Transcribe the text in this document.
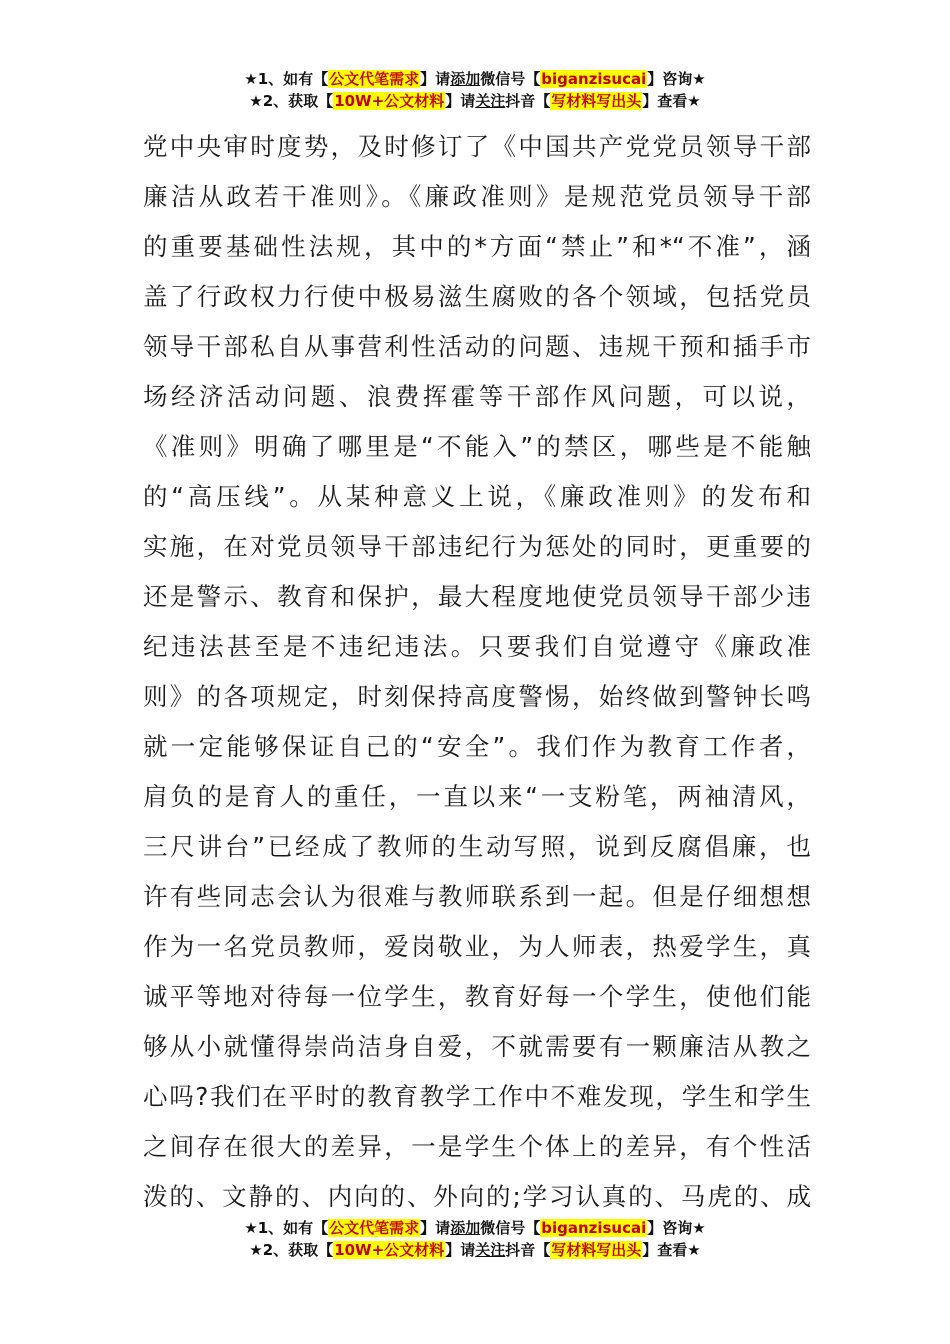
★1、如有【公文代笔需求】请添加微信号【biganzisucai】咨询★
★2、获取【10W+公文材料】请关注抖音【写材料写出头】查看★
党中央审时度势，及时修订了《中国共产党党员领导干部
廉洁从政若干准则》。《廉政准则》是规范党员领导干部
的重要基础性法规，其中的*方面“禁止”和*“不准”，涵
盖了行政权力行使中极易滋生腐败的各个领域，包括党员
领导干部私自从事营利性活动的问题、违规干预和插手市
场经济活动问题、浪费挥霍等干部作风问题，可以说，
《准则》明确了哪里是“不能入”的禁区，哪些是不能触
的“高压线”。从某种意义上说，《廉政准则》的发布和
实施，在对党员领导干部违纪行为惩处的同时，更重要的
还是警示、教育和保护，最大程度地使党员领导干部少违
纪违法甚至是不违纪违法。只要我们自觉遵守《廉政准
则》的各项规定，时刻保持高度警惕，始终做到警钟长鸣
就一定能够保证自己的“安全”。我们作为教育工作者，
肩负的是育人的重任，一直以来“一支粉笔，两袖清风，
三尺讲台”已经成了教师的生动写照，说到反腐倡廉，也
许有些同志会认为很难与教师联系到一起。但是仔细想想
作为一名党员教师，爱岗敬业，为人师表，热爱学生，真
诚平等地对待每一位学生，教育好每一个学生，使他们能
够从小就懂得崇尚洁身自爱，不就需要有一颗廉洁从教之
心吗?我们在平时的教育教学工作中不难发现，学生和学生
之间存在很大的差异，一是学生个体上的差异，有个性活
泼的、文静的、内向的、外向的;学习认真的、马虎的、成
★1、如有【公文代笔需求】请添加微信号【biganzisucai】咨询★
★2、获取【10W+公文材料】请关注抖音【写材料写出头】查看★
